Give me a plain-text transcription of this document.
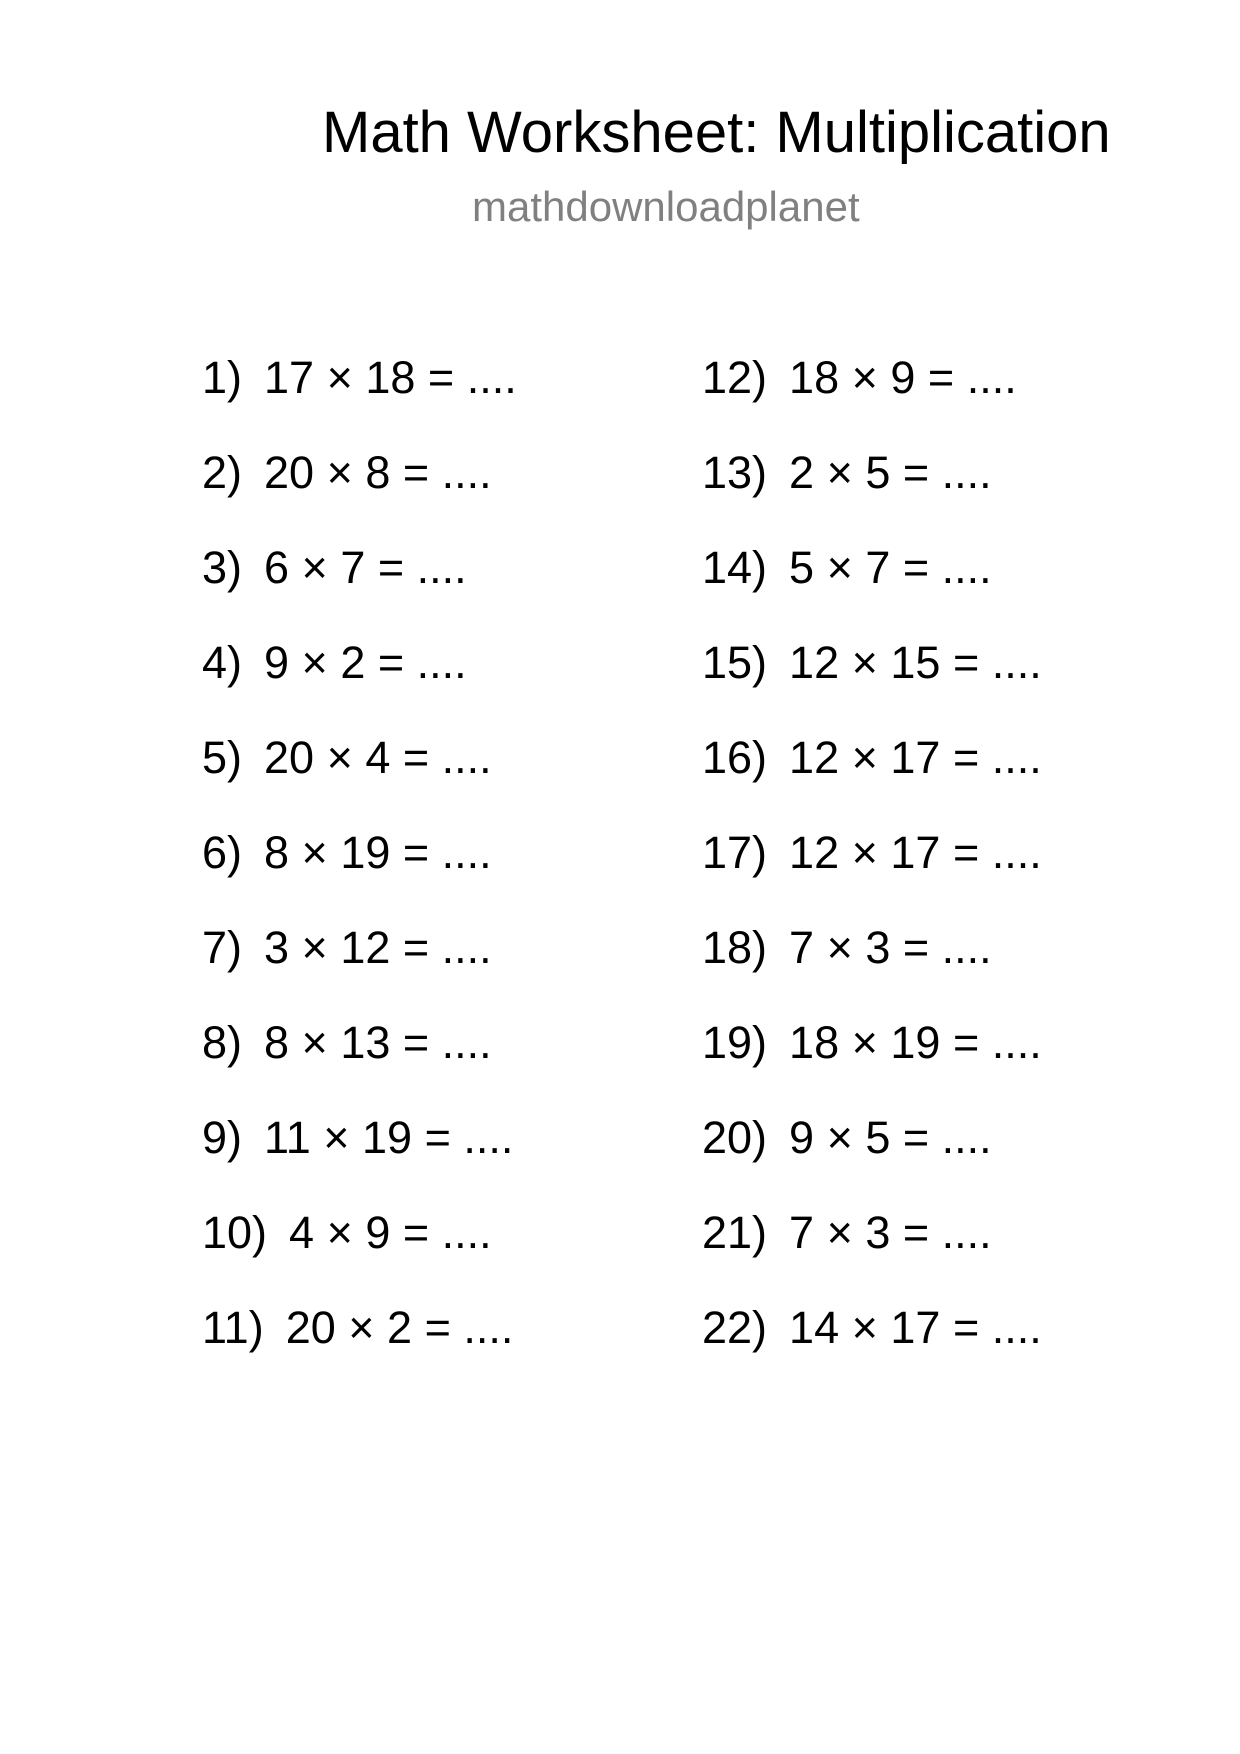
Math Worksheet: Multiplication
mathdownloadplanet
1) 17 × 18 = ....
2) 20 × 8 = ....
3) 6 × 7 = ....
4) 9 × 2 = ....
5) 20 × 4 = ....
6) 8 × 19 = ....
7) 3 × 12 = ....
8) 8 × 13 = ....
9) 11 × 19 = ....
10) 4 × 9 = ....
11) 20 × 2 = ....
12) 18 × 9 = ....
13) 2 × 5 = ....
14) 5 × 7 = ....
15) 12 × 15 = ....
16) 12 × 17 = ....
17) 12 × 17 = ....
18) 7 × 3 = ....
19) 18 × 19 = ....
20) 9 × 5 = ....
21) 7 × 3 = ....
22) 14 × 17 = ....
